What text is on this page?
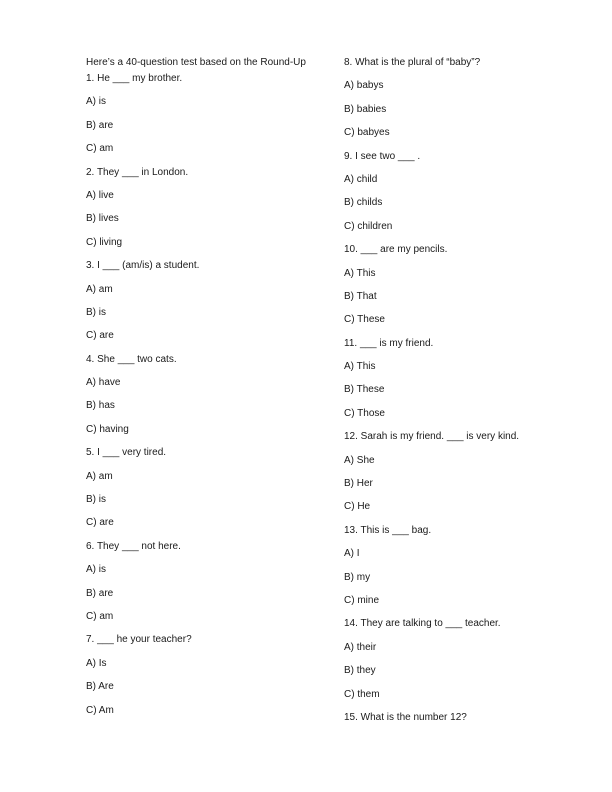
Here’s a 40-question test based on the Round-Up
1. He ___ my brother.
A) is
B) are
C) am
2. They ___ in London.
A) live
B) lives
C) living
3. I ___ (am/is) a student.
A) am
B) is
C) are
4. She ___ two cats.
A) have
B) has
C) having
5. I ___ very tired.
A) am
B) is
C) are
6. They ___ not here.
A) is
B) are
C) am
7. ___ he your teacher?
A) Is
B) Are
C) Am
8. What is the plural of “baby”?
A) babys
B) babies
C) babyes
9. I see two ___ .
A) child
B) childs
C) children
10. ___ are my pencils.
A) This
B) That
C) These
11. ___ is my friend.
A) This
B) These
C) Those
12. Sarah is my friend. ___ is very kind.
A) She
B) Her
C) He
13. This is ___ bag.
A) I
B) my
C) mine
14. They are talking to ___ teacher.
A) their
B) they
C) them
15. What is the number 12?
